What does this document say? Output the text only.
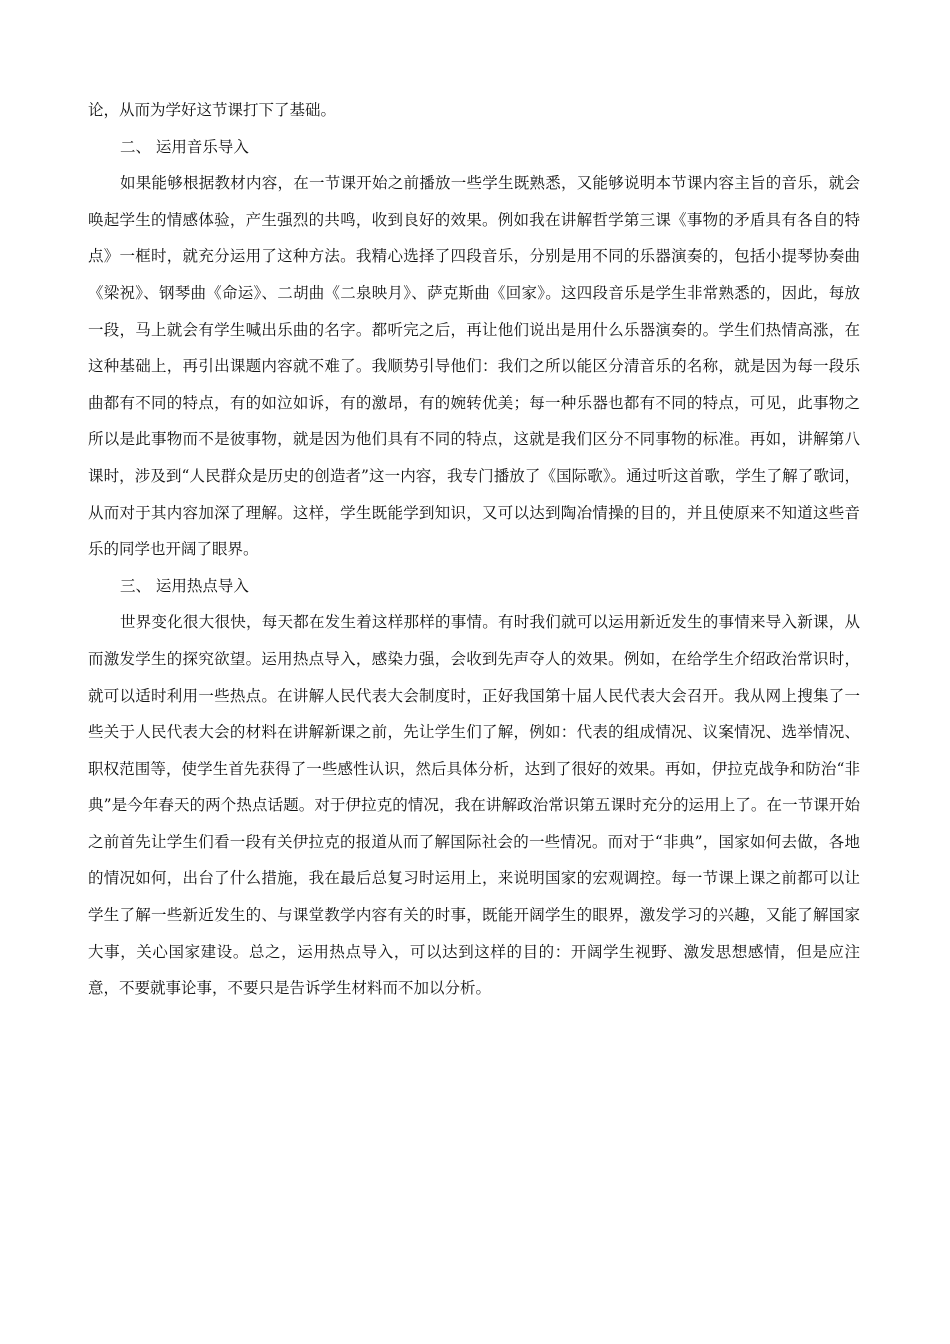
论，从而为学好这节课打下了基础。

二、 运用音乐导入

如果能够根据教材内容，在一节课开始之前播放一些学生既熟悉，又能够说明本节课内容主旨的音乐，就会唤起学生的情感体验，产生强烈的共鸣，收到良好的效果。例如我在讲解哲学第三课《事物的矛盾具有各自的特点》一框时，就充分运用了这种方法。我精心选择了四段音乐，分别是用不同的乐器演奏的，包括小提琴协奏曲《梁祝》、钢琴曲《命运》、二胡曲《二泉映月》、萨克斯曲《回家》。这四段音乐是学生非常熟悉的，因此，每放一段，马上就会有学生喊出乐曲的名字。都听完之后，再让他们说出是用什么乐器演奏的。学生们热情高涨，在这种基础上，再引出课题内容就不难了。我顺势引导他们：我们之所以能区分清音乐的名称，就是因为每一段乐曲都有不同的特点，有的如泣如诉，有的激昂，有的婉转优美；每一种乐器也都有不同的特点，可见，此事物之所以是此事物而不是彼事物，就是因为他们具有不同的特点，这就是我们区分不同事物的标准。再如，讲解第八课时，涉及到“人民群众是历史的创造者”这一内容，我专门播放了《国际歌》。通过听这首歌，学生了解了歌词，从而对于其内容加深了理解。这样，学生既能学到知识，又可以达到陶冶情操的目的，并且使原来不知道这些音乐的同学也开阔了眼界。

三、 运用热点导入

世界变化很大很快，每天都在发生着这样那样的事情。有时我们就可以运用新近发生的事情来导入新课，从而激发学生的探究欲望。运用热点导入，感染力强，会收到先声夺人的效果。例如，在给学生介绍政治常识时，就可以适时利用一些热点。在讲解人民代表大会制度时，正好我国第十届人民代表大会召开。我从网上搜集了一些关于人民代表大会的材料在讲解新课之前，先让学生们了解，例如：代表的组成情况、议案情况、选举情况、职权范围等，使学生首先获得了一些感性认识，然后具体分析，达到了很好的效果。再如，伊拉克战争和防治“非典”是今年春天的两个热点话题。对于伊拉克的情况，我在讲解政治常识第五课时充分的运用上了。在一节课开始之前首先让学生们看一段有关伊拉克的报道从而了解国际社会的一些情况。而对于“非典”，国家如何去做，各地的情况如何，出台了什么措施，我在最后总复习时运用上，来说明国家的宏观调控。每一节课上课之前都可以让学生了解一些新近发生的、与课堂教学内容有关的时事，既能开阔学生的眼界，激发学习的兴趣，又能了解国家大事，关心国家建设。总之，运用热点导入，可以达到这样的目的：开阔学生视野、激发思想感情，但是应注意，不要就事论事，不要只是告诉学生材料而不加以分析。
